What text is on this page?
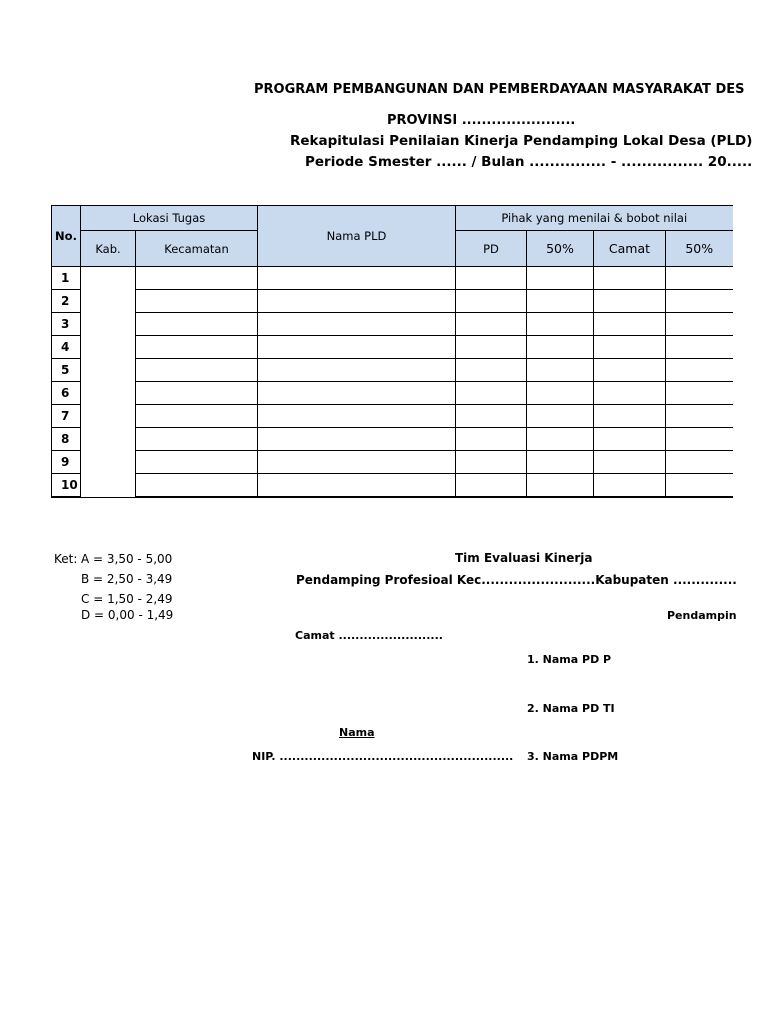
PROGRAM PEMBANGUNAN DAN PEMBERDAYAAN MASYARAKAT DES
PROVINSI .......................
Rekapitulasi Penilaian Kinerja Pendamping Lokal Desa (PLD)
Periode Smester ...... / Bulan ............... - ................ 20.....
No.	Lokasi Tugas		Nama PLD	Pihak yang menilai & bobot nilai			
	Kab.	Kecamatan		PD	50%	Camat	50%
1							
2							
3							
4							
5							
6							
7							
8							
9							
10							
Ket: A = 3,50 - 5,00
B = 2,50 - 3,49
C = 1,50 - 2,49
D = 0,00 - 1,49
Tim Evaluasi Kinerja
Pendamping Profesioal Kec.........................Kabupaten ..............
Pendampin
Camat .........................
1. Nama PD P
2. Nama PD TI
Nama
NIP. ........................................................ 3. Nama PDPM
